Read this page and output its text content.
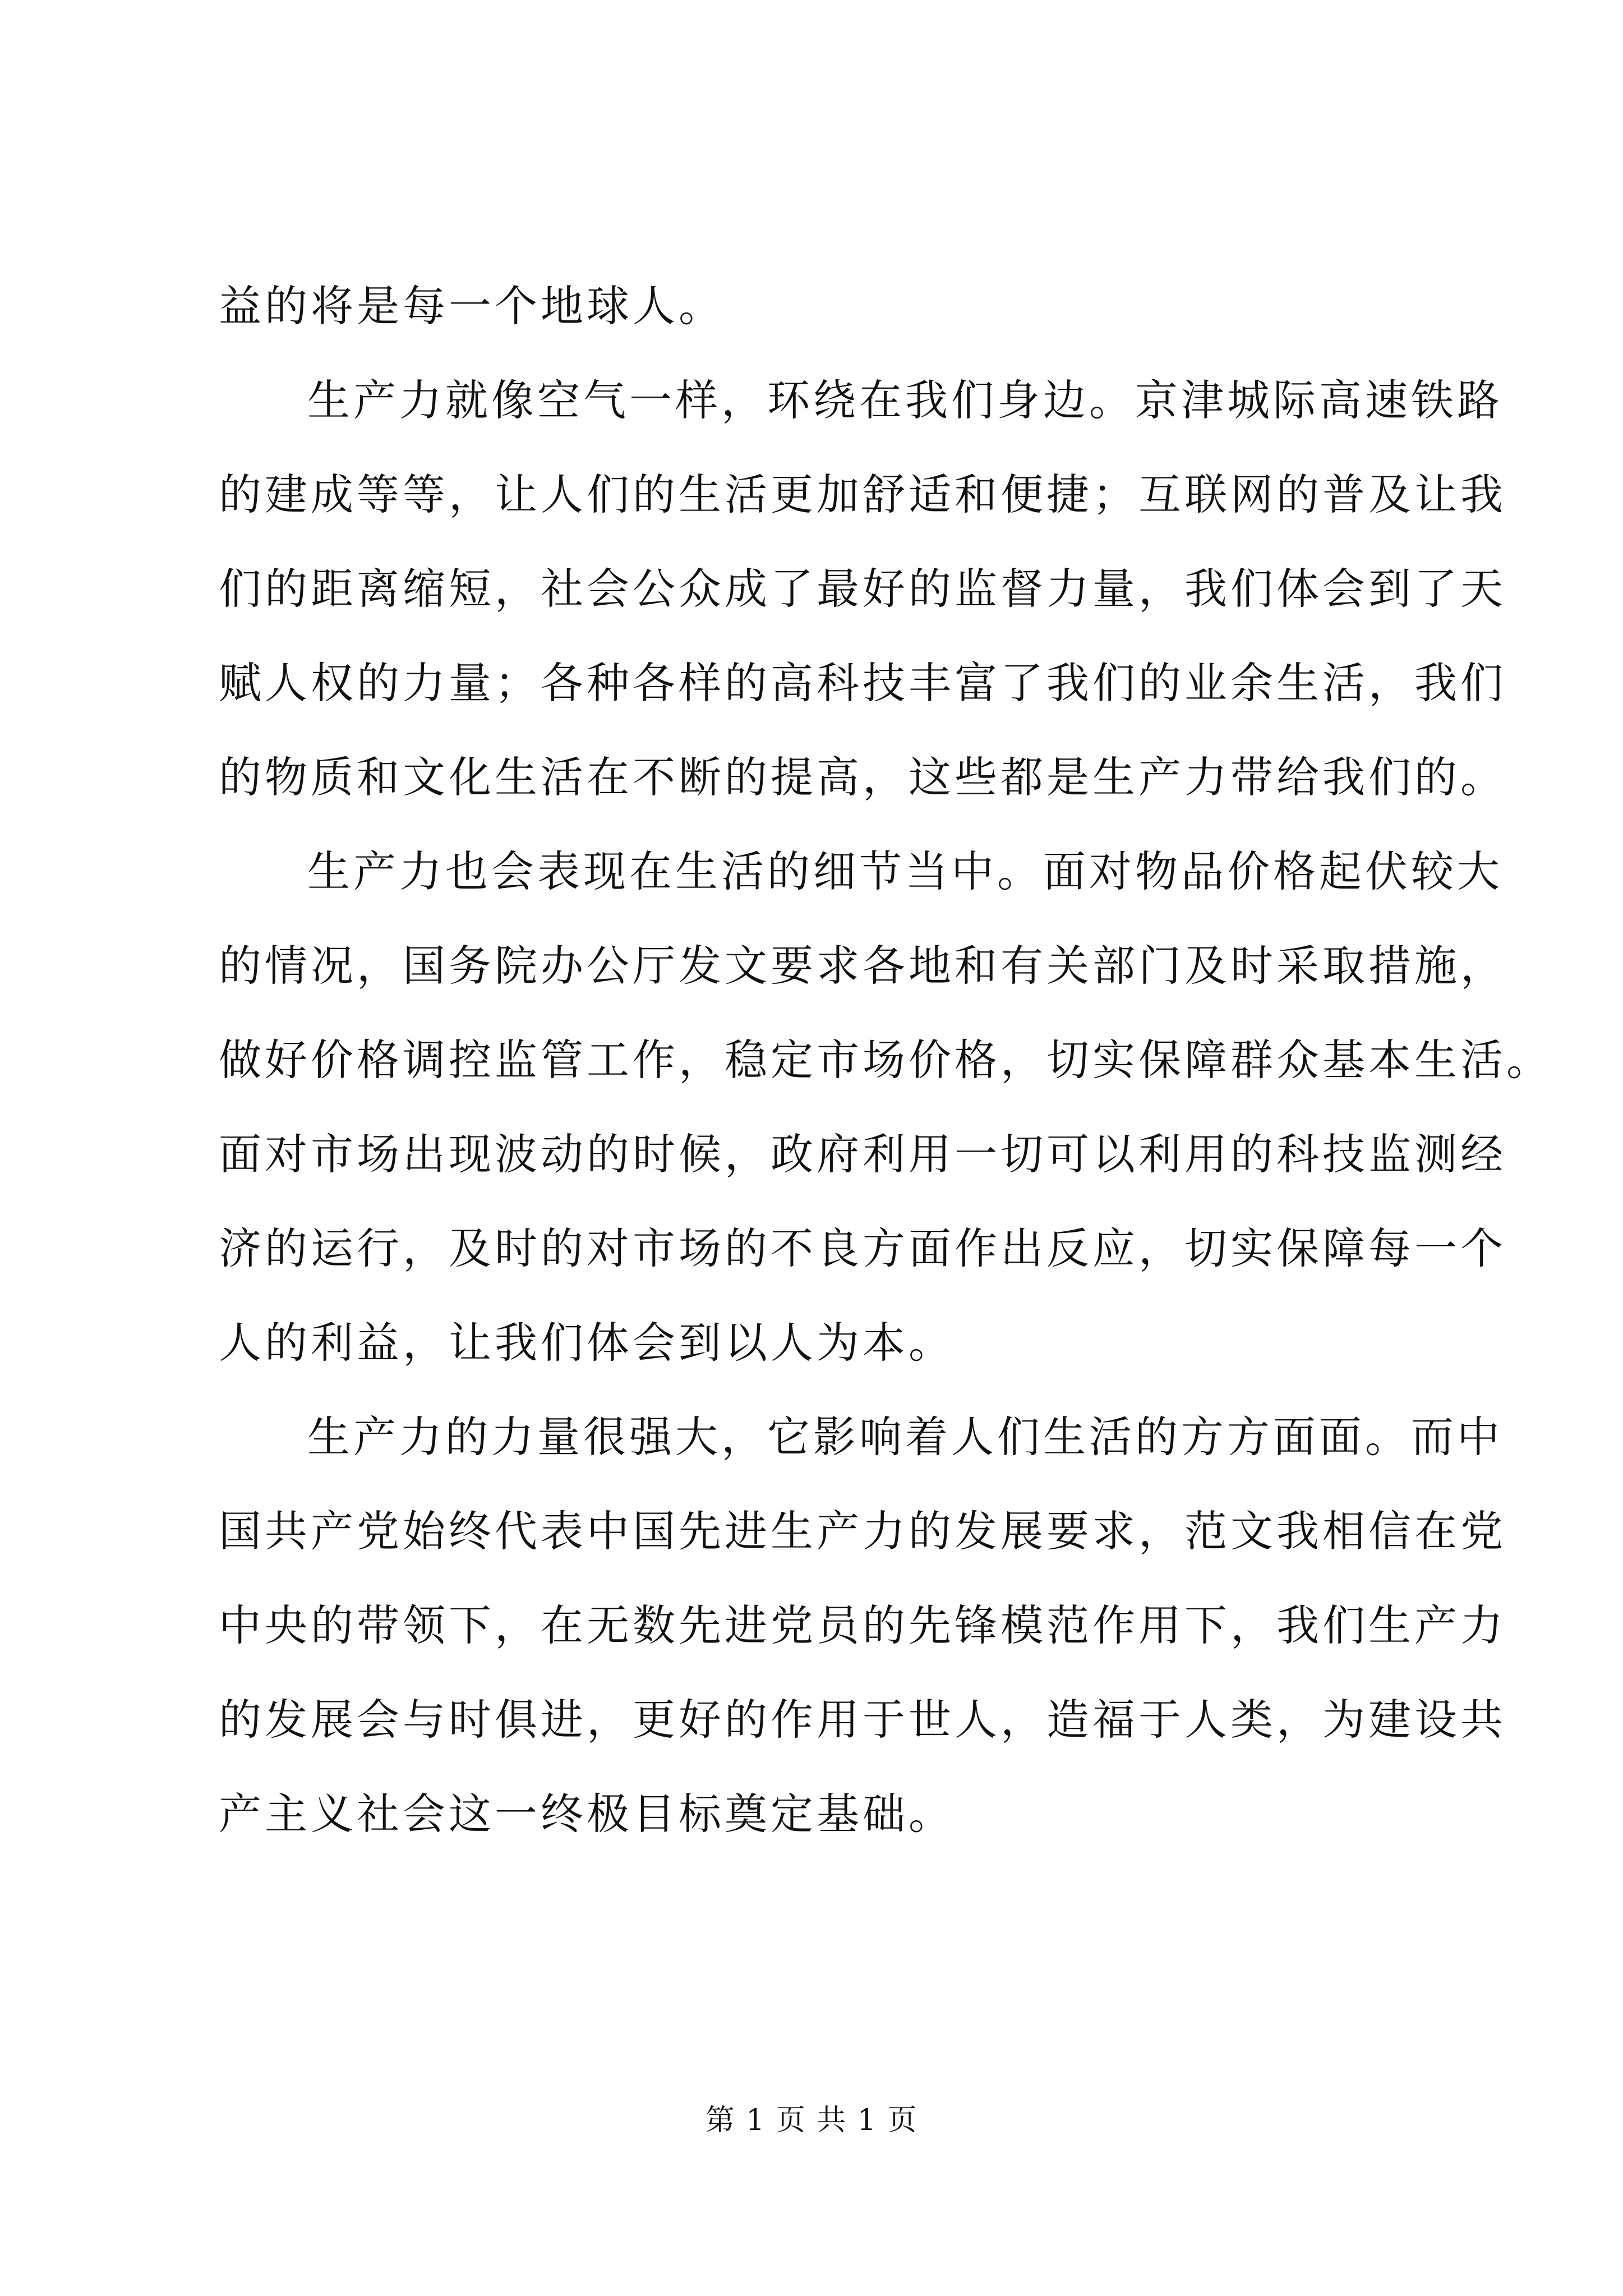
益的将是每一个地球人。
生产力就像空气一样，环绕在我们身边。京津城际高速铁路
的建成等等，让人们的生活更加舒适和便捷；互联网的普及让我
们的距离缩短，社会公众成了最好的监督力量，我们体会到了天
赋人权的力量；各种各样的高科技丰富了我们的业余生活，我们
的物质和文化生活在不断的提高，这些都是生产力带给我们的。
生产力也会表现在生活的细节当中。面对物品价格起伏较大
的情况，国务院办公厅发文要求各地和有关部门及时采取措施，
做好价格调控监管工作，稳定市场价格，切实保障群众基本生活。
面对市场出现波动的时候，政府利用一切可以利用的科技监测经
济的运行，及时的对市场的不良方面作出反应，切实保障每一个
人的利益，让我们体会到以人为本。
生产力的力量很强大，它影响着人们生活的方方面面。而中
国共产党始终代表中国先进生产力的发展要求，范文我相信在党
中央的带领下，在无数先进党员的先锋模范作用下，我们生产力
的发展会与时俱进，更好的作用于世人，造福于人类，为建设共
产主义社会这一终极目标奠定基础。
第 1 页 共 1 页
